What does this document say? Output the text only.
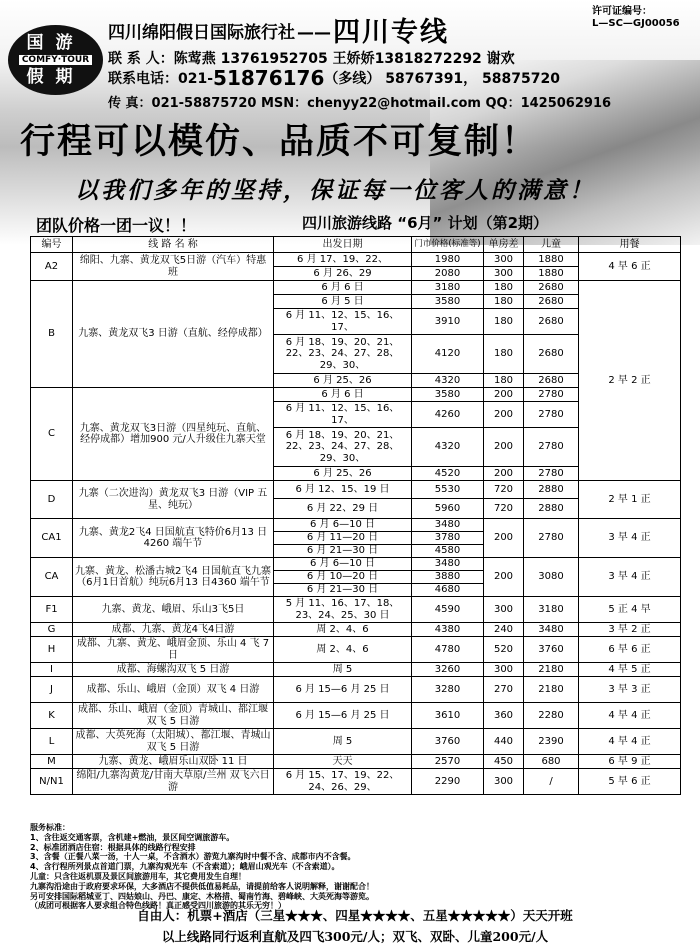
国游
COMFY·TOUR
假期
四川绵阳假日国际旅行社 ——四川专线
许可证编号：
L—SC—GJ00056
联 系 人：陈莺燕 13761952705 王娇娇13818272292 谢欢
联系电话：021-51876176（多线） 58767391， 58875720
传 真：021-58875720 MSN：chenyy22@hotmail.com QQ：1425062916
行程可以模仿、品质不可复制！
以我们多年的坚持，保证每一位客人的满意！
团队价格一团一议！！	四川旅游线路 “6月” 计划（第2期）
编号	线 路 名 称	出发日期	门市价格(标准等)	单房差	儿童	用餐
A2	绵阳、九寨、黄龙双飞5日游（汽车）特惠班	6 月 17、19、22、	1980	300	1880	4 早 6 正
		6 月 26、29	2080	300	1880	
B	九寨、黄龙双飞3 日游（直航、经停成都）	6 月 6 日	3180	180	2680	2 早 2 正
		6 月 5 日	3580	180	2680	
		6 月 11、12、15、16、17、	3910	180	2680	
		6 月 18、19、20、21、22、23、24、27、28、29、30、	4120	180	2680	
		6 月 25、26	4320	180	2680	
C	九寨、黄龙双飞3日游（四星纯玩、直航、经停成都）增加900 元/人升级住九寨天堂	6 月 6 日	3580	200	2780	
		6 月 11、12、15、16、17、	4260	200	2780	
		6 月 18、19、20、21、22、23、24、27、28、29、30、	4320	200	2780	
		6 月 25、26	4520	200	2780	
D	九寨（二次进沟）黄龙双飞3 日游（VIP 五星、纯玩）	6 月 12、15、19 日	5530	720	2880	2 早 1 正
		6 月 22、29 日	5960	720	2880	
CA1	九寨、黄龙2飞4 日国航直飞特价6月13 日4260 端午节	6 月 6—10 日	3480	200	2780	3 早 4 正
		6 月 11—20 日	3780			
		6 月 21—30 日	4580			
CA	九寨、黄龙、松潘古城2飞4 日国航直飞九寨（6月1日首航）纯玩6月13 日4360 端午节	6 月 6—10 日	3480	200	3080	3 早 4 正
		6 月 10—20 日	3880			
		6 月 21—30 日	4680			
F1	九寨、黄龙、峨眉、乐山3飞5日	5 月 11、16、17、18、23、24、25、30 日	4590	300	3180	5 正 4 早
G	成都、九寨、黄龙4飞4日游	周 2、4、6	4380	240	3480	3 早 2 正
H	成都、九寨、黄龙、峨眉金顶、乐山 4 飞 7 日	周 2、4、6	4780	520	3760	6 早 6 正
I	成都、海螺沟双飞 5 日游	周 5	3260	300	2180	4 早 5 正
J	成都、乐山、峨眉（金顶）双飞 4 日游	6 月 15—6 月 25 日	3280	270	2180	3 早 3 正
K	成都、乐山、峨眉（金顶）青城山、都江堰双飞 5 日游	6 月 15—6 月 25 日	3610	360	2280	4 早 4 正
L	成都、大英死海（太阳城）、都江堰、青城山双飞 5 日游	周 5	3760	440	2390	4 早 4 正
M	九寨、黄龙、峨眉乐山双卧 11 日	天天	2570	450	680	6 早 9 正
N/N1	绵阳/九寨沟黄龙/甘南大草原/兰州 双飞六日游	6 月 15、17、19、22、24、26、29、	2290	300	/	5 早 6 正
服务标准：
1、含往返交通客票，含机建+燃油，景区间空调旅游车。
2、标准团酒店住宿：根据具体的线路行程安排
3、含餐（正餐八菜一汤，十人一桌，不含酒水）游览九寨沟时中餐不含、成都市内不含餐。
4、含行程所列景点首道门票，九寨沟观光车（不含索道）；峨眉山观光车（不含索道）。
儿童：只含往返机票及景区间旅游用车，其它费用发生自理！
九寨沟沿途由于政府要求环保，大多酒店不提供低值易耗品，请提前给客人说明解释，谢谢配合！
另可安排国际稻城亚丁、四姑娘山、丹巴、康定、木格措、蜀南竹海、碧峰峡、大英死海等游览。
（成团可根据客人要求组合特色线路！真正感受四川旅游的其乐无穷！）
自由人：机票+酒店（三星★★★、四星★★★★、五星★★★★★）天天开班
以上线路同行返利直航及四飞300元/人；双飞、双卧、儿童200元/人
